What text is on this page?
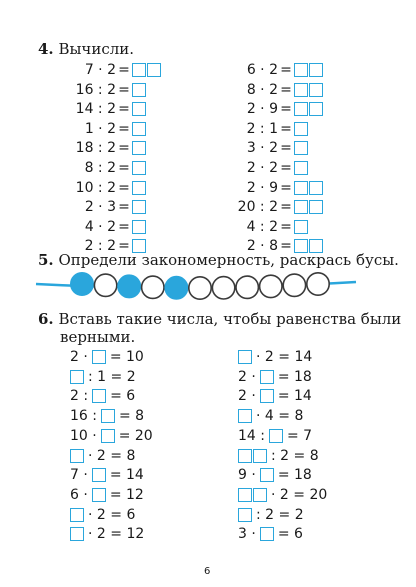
4. Вычисли.
7 · 2 =
16 : 2 =
14 : 2 =
1 · 2 =
18 : 2 =
8 : 2 =
10 : 2 =
2 · 3 =
4 · 2 =
2 : 2 =
6 · 2 =
8 · 2 =
2 · 9 =
2 : 1 =
3 · 2 =
2 · 2 =
2 · 9 =
20 : 2 =
4 : 2 =
2 · 8 =
5. Определи закономерность, раскрась бусы.
6. Вставь такие числа, чтобы равенства были
верными.
2 · = 10
: 1 = 2
2 : = 6
16 : = 8
10 · = 20
· 2 = 8
7 · = 14
6 · = 12
· 2 = 6
· 2 = 12
· 2 = 14
2 · = 18
2 · = 14
· 4 = 8
14 : = 7
: 2 = 8
9 · = 18
· 2 = 20
: 2 = 2
3 · = 6
6
